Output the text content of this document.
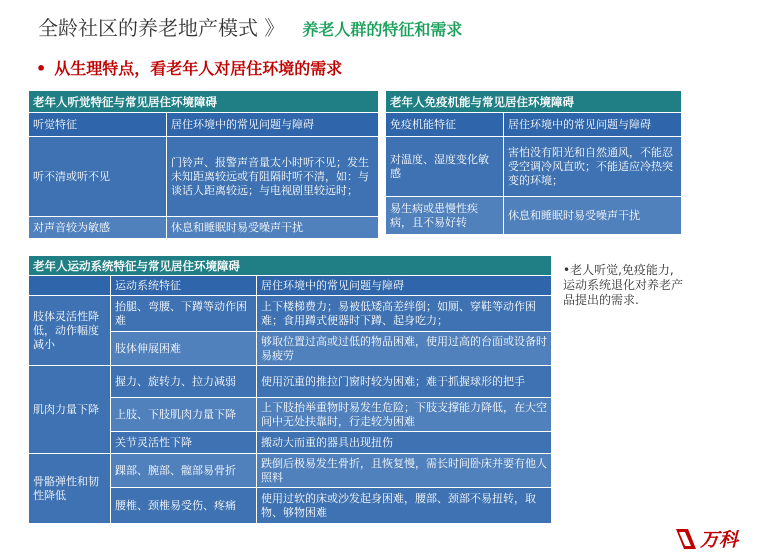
全龄社区的养老地产模式 》 养老人群的特征和需求
• 从生理特点，看老年人对居住环境的需求
老年人听觉特征与常见居住环境障碍	
听觉特征	居住环境中的常见问题与障碍
听不清或听不见	门铃声、报警声音量太小时听不见；发生未知距离较远或有阻隔时听不清，如：与谈话人距离较远；与电视剧里较远时；
对声音较为敏感	休息和睡眠时易受噪声干扰
老年人免疫机能与常见居住环境障碍	
免疫机能特征	居住环境中的常见问题与障碍
对温度、湿度变化敏感	害怕没有阳光和自然通风，不能忍受空调冷风直吹；不能适应冷热突变的环境；
易生病或患慢性疾病，且不易好转	休息和睡眠时易受噪声干扰
老年人运动系统特征与常见居住环境障碍		
	运动系统特征	居住环境中的常见问题与障碍
肢体灵活性降低，动作幅度减小	抬腿、弯腰、下蹲等动作困难	上下楼梯费力；易被低矮高差绊倒；如厕、穿鞋等动作困难；食用蹲式便器时下蹲、起身吃力；
	肢体伸展困难	够取位置过高或过低的物品困难，使用过高的台面或设备时易疲劳
肌肉力量下降	握力、旋转力、拉力减弱	使用沉重的推拉门窗时较为困难；难于抓握球形的把手
	上肢、下肢肌肉力量下降	上下肢抬举重物时易发生危险；下肢支撑能力降低，在大空间中无处扶靠时，行走较为困难
	关节灵活性下降	搬动大而重的器具出现扭伤
骨骼弹性和韧性降低	踝部、腕部、髋部易骨折	跌倒后极易发生骨折，且恢复慢，需长时间卧床并要有他人照料
	腰椎、颈椎易受伤、疼痛	使用过软的床或沙发起身困难，腰部、颈部不易扭转，取物、够物困难
•老人听觉,免疫能力,运动系统退化对养老产品提出的需求.
万科
